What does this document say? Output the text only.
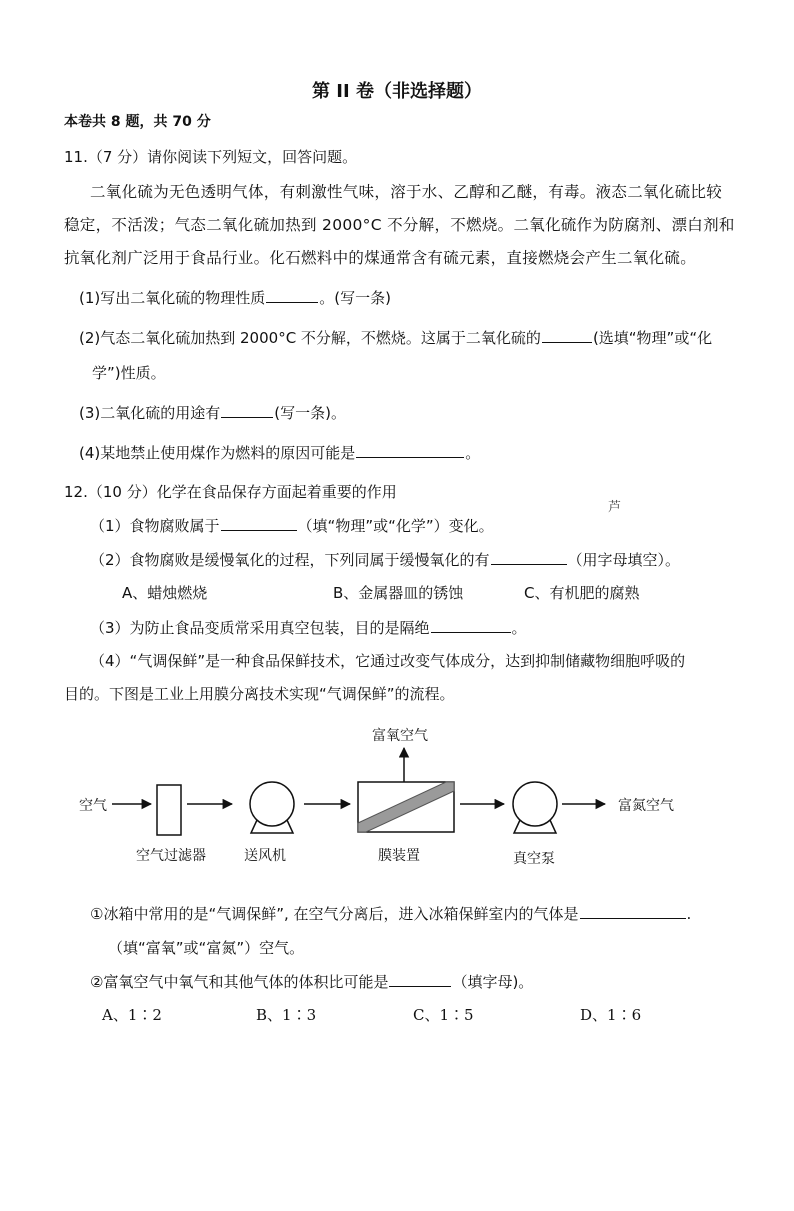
第 II 卷（非选择题）
本卷共 8 题，共 70 分
11.（7 分）请你阅读下列短文，回答问题。
二氧化硫为无色透明气体，有刺激性气味，溶于水、乙醇和乙醚，有毒。液态二氧化硫比较
稳定，不活泼；气态二氧化硫加热到 2000°C 不分解，不燃烧。二氧化硫作为防腐剂、漂白剂和
抗氧化剂广泛用于食品行业。化石燃料中的煤通常含有硫元素，直接燃烧会产生二氧化硫。
(1)写出二氧化硫的物理性质	。(写一条)
(2)气态二氧化硫加热到 2000°C 不分解，不燃烧。这属于二氧化硫的	(选填“物理”或“化
学”)性质。
(3)二氧化硫的用途有	(写一条)。
(4)某地禁止使用煤作为燃料的原因可能是	。
12.（10 分）化学在食品保存方面起着重要的作用
芦
（1）食物腐败属于	（填“物理”或“化学”）变化。
（2）食物腐败是缓慢氧化的过程，下列同属于缓慢氧化的有	（用字母填空）。
A、蜡烛燃烧	B、金属器皿的锈蚀	C、有机肥的腐熟
（3）为防止食品变质常采用真空包装，目的是隔绝	。
（4）“气调保鲜”是一种食品保鲜技术，它通过改变气体成分，达到抑制储藏物细胞呼吸的
目的。下图是工业上用膜分离技术实现“气调保鲜”的流程。
空气
富氧空气
富氮空气
空气过滤器	送风机	膜装置	真空泵
①冰箱中常用的是“气调保鲜”, 在空气分离后，进入冰箱保鲜室内的气体是	.
（填“富氧”或“富氮”）空气。
②富氧空气中氧气和其他气体的体积比可能是	（填字母)。
A、1∶2	B、1∶3	C、1∶5	D、1∶6
